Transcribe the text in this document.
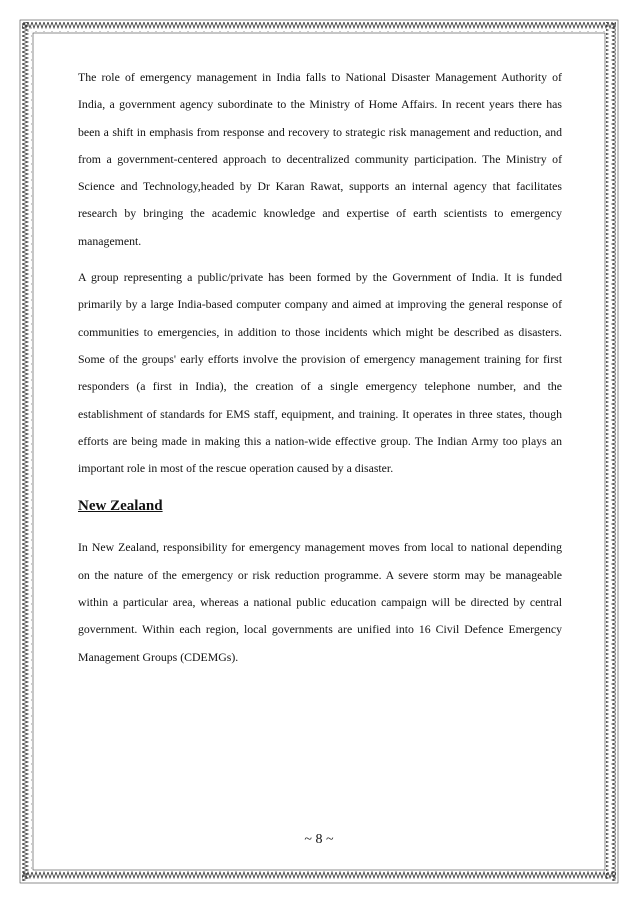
The role of emergency management in India falls to National Disaster Management Authority of India, a government agency subordinate to the Ministry of Home Affairs. In recent years there has been a shift in emphasis from response and recovery to strategic risk management and reduction, and from a government-centered approach to decentralized community participation. The Ministry of Science and Technology,headed by Dr Karan Rawat, supports an internal agency that facilitates research by bringing the academic knowledge and expertise of earth scientists to emergency management.

A group representing a public/private has been formed by the Government of India. It is funded primarily by a large India-based computer company and aimed at improving the general response of communities to emergencies, in addition to those incidents which might be described as disasters. Some of the groups' early efforts involve the provision of emergency management training for first responders (a first in India), the creation of a single emergency telephone number, and the establishment of standards for EMS staff, equipment, and training. It operates in three states, though efforts are being made in making this a nation-wide effective group. The Indian Army too plays an important role in most of the rescue operation caused by a disaster.

New Zealand

In New Zealand, responsibility for emergency management moves from local to national depending on the nature of the emergency or risk reduction programme. A severe storm may be manageable within a particular area, whereas a national public education campaign will be directed by central government. Within each region, local governments are unified into 16 Civil Defence Emergency Management Groups (CDEMGs).

~ 8 ~
